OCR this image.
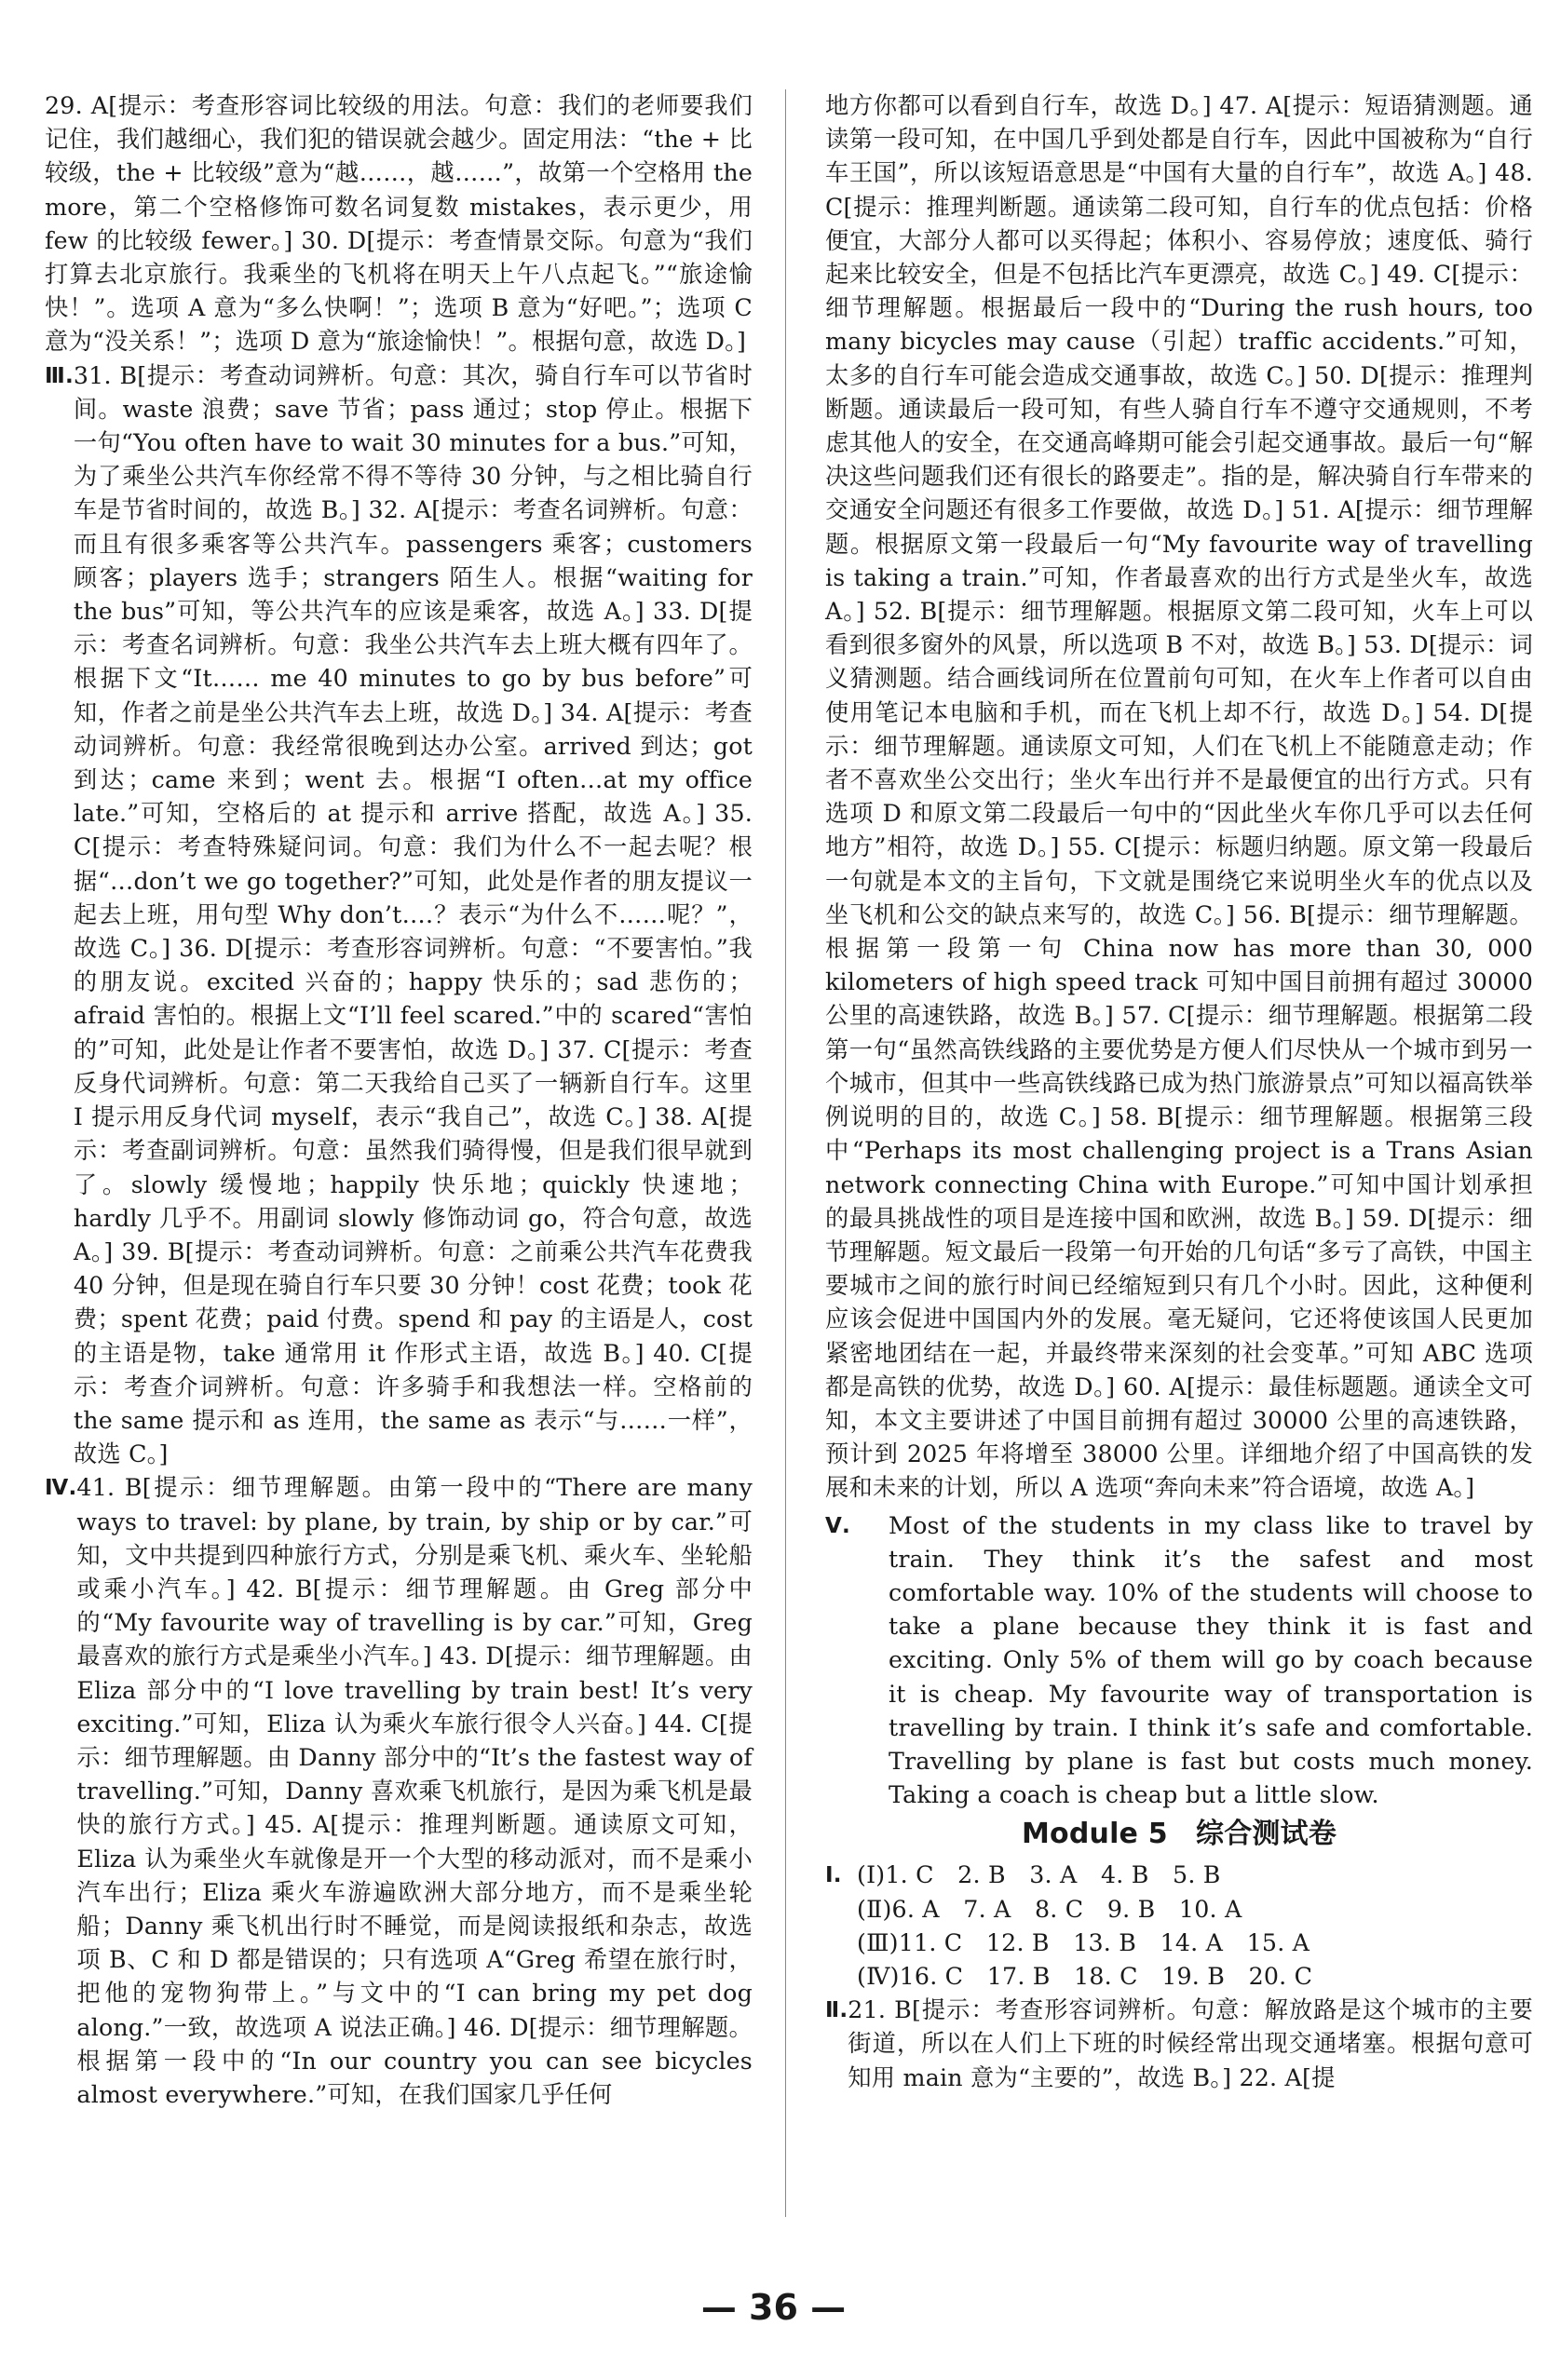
29. A[提示：考查形容词比较级的用法。句意：我们的老师要我们记住，我们越细心，我们犯的错误就会越少。固定用法：“the + 比较级，the + 比较级”意为“越……，越……”，故第一个空格用 the more，第二个空格修饰可数名词复数 mistakes，表示更少，用 few 的比较级 fewer。] 30. D[提示：考查情景交际。句意为“我们打算去北京旅行。我乘坐的飞机将在明天上午八点起飞。”“旅途愉快！”。选项 A 意为“多么快啊！”；选项 B 意为“好吧。”；选项 C 意为“没关系！”；选项 D 意为“旅途愉快！”。根据句意，故选 D。]

Ⅲ. 31. B[提示：考查动词辨析。句意：其次，骑自行车可以节省时间。waste 浪费；save 节省；pass 通过；stop 停止。根据下一句“You often have to wait 30 minutes for a bus.”可知，为了乘坐公共汽车你经常不得不等待 30 分钟，与之相比骑自行车是节省时间的，故选 B。] 32. A[提示：考查名词辨析。句意：而且有很多乘客等公共汽车。passengers 乘客；customers 顾客；players 选手；strangers 陌生人。根据“waiting for the bus”可知，等公共汽车的应该是乘客，故选 A。] 33. D[提示：考查名词辨析。句意：我坐公共汽车去上班大概有四年了。根据下文“It…… me 40 minutes to go by bus before”可知，作者之前是坐公共汽车去上班，故选 D。] 34. A[提示：考查动词辨析。句意：我经常很晚到达办公室。arrived 到达；got 到达；came 来到；went 去。根据“I often…at my office late.”可知，空格后的 at 提示和 arrive 搭配，故选 A。] 35. C[提示：考查特殊疑问词。句意：我们为什么不一起去呢？根据“…don’t we go together?”可知，此处是作者的朋友提议一起去上班，用句型 Why don’t….？表示“为什么不……呢？”，故选 C。] 36. D[提示：考查形容词辨析。句意：“不要害怕。”我的朋友说。excited 兴奋的；happy 快乐的；sad 悲伤的；afraid 害怕的。根据上文“I’ll feel scared.”中的 scared“害怕的”可知，此处是让作者不要害怕，故选 D。] 37. C[提示：考查反身代词辨析。句意：第二天我给自己买了一辆新自行车。这里 I 提示用反身代词 myself，表示“我自己”，故选 C。] 38. A[提示：考查副词辨析。句意：虽然我们骑得慢，但是我们很早就到了。slowly 缓慢地；happily 快乐地；quickly 快速地；hardly 几乎不。用副词 slowly 修饰动词 go，符合句意，故选 A。] 39. B[提示：考查动词辨析。句意：之前乘公共汽车花费我 40 分钟，但是现在骑自行车只要 30 分钟！cost 花费；took 花费；spent 花费；paid 付费。spend 和 pay 的主语是人，cost 的主语是物，take 通常用 it 作形式主语，故选 B。] 40. C[提示：考查介词辨析。句意：许多骑手和我想法一样。空格前的 the same 提示和 as 连用，the same as 表示“与……一样”，故选 C。]
Ⅳ. 41. B[提示：细节理解题。由第一段中的“There are many ways to travel: by plane, by train, by ship or by car.”可知，文中共提到四种旅行方式，分别是乘飞机、乘火车、坐轮船或乘小汽车。] 42. B[提示：细节理解题。由 Greg 部分中的“My favourite way of travelling is by car.”可知，Greg 最喜欢的旅行方式是乘坐小汽车。] 43. D[提示：细节理解题。由 Eliza 部分中的“I love travelling by train best! It’s very exciting.”可知，Eliza 认为乘火车旅行很令人兴奋。] 44. C[提示：细节理解题。由 Danny 部分中的“It’s the fastest way of travelling.”可知，Danny 喜欢乘飞机旅行，是因为乘飞机是最快的旅行方式。] 45. A[提示：推理判断题。通读原文可知，Eliza 认为乘坐火车就像是开一个大型的移动派对，而不是乘小汽车出行；Eliza 乘火车游遍欧洲大部分地方，而不是乘坐轮船；Danny 乘飞机出行时不睡觉，而是阅读报纸和杂志，故选项 B、C 和 D 都是错误的；只有选项 A“Greg 希望在旅行时，把他的宠物狗带上。”与文中的“I can bring my pet dog along.”一致，故选项 A 说法正确。] 46. D[提示：细节理解题。根据第一段中的“In our country you can see bicycles almost everywhere.”可知，在我们国家几乎任何

地方你都可以看到自行车，故选 D。] 47. A[提示：短语猜测题。通读第一段可知，在中国几乎到处都是自行车，因此中国被称为“自行车王国”，所以该短语意思是“中国有大量的自行车”，故选 A。] 48. C[提示：推理判断题。通读第二段可知，自行车的优点包括：价格便宜，大部分人都可以买得起；体积小、容易停放；速度低、骑行起来比较安全，但是不包括比汽车更漂亮，故选 C。] 49. C[提示：细节理解题。根据最后一段中的“During the rush hours, too many bicycles may cause（引起）traffic accidents.”可知，太多的自行车可能会造成交通事故，故选 C。] 50. D[提示：推理判断题。通读最后一段可知，有些人骑自行车不遵守交通规则，不考虑其他人的安全，在交通高峰期可能会引起交通事故。最后一句“解决这些问题我们还有很长的路要走”。指的是，解决骑自行车带来的交通安全问题还有很多工作要做，故选 D。] 51. A[提示：细节理解题。根据原文第一段最后一句“My favourite way of travelling is taking a train.”可知，作者最喜欢的出行方式是坐火车，故选 A。] 52. B[提示：细节理解题。根据原文第二段可知，火车上可以看到很多窗外的风景，所以选项 B 不对，故选 B。] 53. D[提示：词义猜测题。结合画线词所在位置前句可知，在火车上作者可以自由使用笔记本电脑和手机，而在飞机上却不行，故选 D。] 54. D[提示：细节理解题。通读原文可知，人们在飞机上不能随意走动；作者不喜欢坐公交出行；坐火车出行并不是最便宜的出行方式。只有选项 D 和原文第二段最后一句中的“因此坐火车你几乎可以去任何地方”相符，故选 D。] 55. C[提示：标题归纳题。原文第一段最后一句就是本文的主旨句，下文就是围绕它来说明坐火车的优点以及坐飞机和公交的缺点来写的，故选 C。] 56. B[提示：细节理解题。根据第一段第一句 China now has more than 30, 000 kilometers of high speed track 可知中国目前拥有超过 30000 公里的高速铁路，故选 B。] 57. C[提示：细节理解题。根据第二段第一句“虽然高铁线路的主要优势是方便人们尽快从一个城市到另一个城市，但其中一些高铁线路已成为热门旅游景点”可知以福高铁举例说明的目的，故选 C。] 58. B[提示：细节理解题。根据第三段中“Perhaps its most challenging project is a Trans Asian network connecting China with Europe.”可知中国计划承担的最具挑战性的项目是连接中国和欧洲，故选 B。] 59. D[提示：细节理解题。短文最后一段第一句开始的几句话“多亏了高铁，中国主要城市之间的旅行时间已经缩短到只有几个小时。因此，这种便利应该会促进中国国内外的发展。毫无疑问，它还将使该国人民更加紧密地团结在一起，并最终带来深刻的社会变革。”可知 ABC 选项都是高铁的优势，故选 D。] 60. A[提示：最佳标题题。通读全文可知，本文主要讲述了中国目前拥有超过 30000 公里的高速铁路，预计到 2025 年将增至 38000 公里。详细地介绍了中国高铁的发展和未来的计划，所以 A 选项“奔向未来”符合语境，故选 A。]

Ⅴ.	Most of the students in my class like to travel by train. They think it’s the safest and most comfortable way. 10% of the students will choose to take a plane because they think it is fast and exciting. Only 5% of them will go by coach because it is cheap. My favourite way of transportation is travelling by train. I think it’s safe and comfortable. Travelling by plane is fast but costs much money. Taking a coach is cheap but a little slow.
Module 5　综合测试卷
Ⅰ. (Ⅰ)1. C　2. B　3. A　4. B　5. B
(Ⅱ)6. A　7. A　8. C　9. B　10. A
(Ⅲ)11. C　12. B　13. B　14. A　15. A
(Ⅳ)16. C　17. B　18. C　19. B　20. C
Ⅱ. 21. B[提示：考查形容词辨析。句意：解放路是这个城市的主要街道，所以在人们上下班的时候经常出现交通堵塞。根据句意可知用 main 意为“主要的”，故选 B。] 22. A[提
— 36 —
